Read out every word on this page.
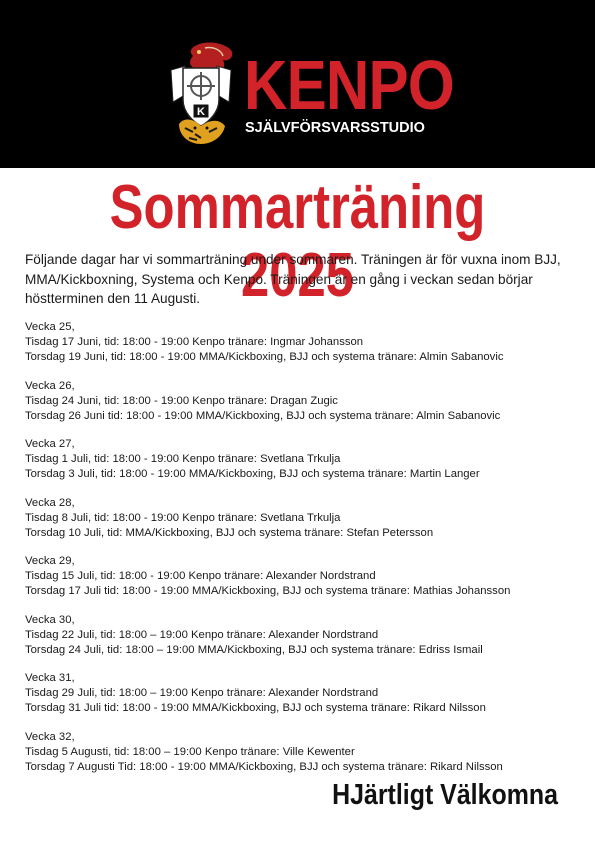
K KENPO
SJÄLVFÖRSVARSSTUDIO
Sommarträning 2025
Följande dagar har vi sommarträning under sommaren. Träningen är för vuxna inom BJJ, MMA/Kickboxning, Systema och Kenpo. Träningen är en gång i veckan sedan börjar höstterminen den 11 Augusti.
Vecka 25,
Tisdag 17 Juni, tid: 18:00 - 19:00 Kenpo tränare: Ingmar Johansson
Torsdag 19 Juni, tid: 18:00 - 19:00 MMA/Kickboxing, BJJ och systema tränare: Almin Sabanovic
Vecka 26,
Tisdag 24 Juni, tid: 18:00 - 19:00 Kenpo tränare: Dragan Zugic
Torsdag 26 Juni tid: 18:00 - 19:00 MMA/Kickboxing, BJJ och systema tränare: Almin Sabanovic
Vecka 27,
Tisdag 1 Juli, tid: 18:00 - 19:00 Kenpo tränare: Svetlana Trkulja
Torsdag 3 Juli, tid: 18:00 - 19:00 MMA/Kickboxing, BJJ och systema tränare: Martin Langer
Vecka 28,
Tisdag 8 Juli, tid: 18:00 - 19:00 Kenpo tränare: Svetlana Trkulja
Torsdag 10 Juli, tid: MMA/Kickboxing, BJJ och systema tränare: Stefan Petersson
Vecka 29,
Tisdag 15 Juli, tid: 18:00 - 19:00 Kenpo tränare: Alexander Nordstrand
Torsdag 17 Juli tid: 18:00 - 19:00 MMA/Kickboxing, BJJ och systema tränare: Mathias Johansson
Vecka 30,
Tisdag 22 Juli, tid: 18:00 – 19:00 Kenpo tränare: Alexander Nordstrand
Torsdag 24 Juli, tid: 18:00 – 19:00 MMA/Kickboxing, BJJ och systema tränare: Edriss Ismail
Vecka 31,
Tisdag 29 Juli, tid: 18:00 – 19:00 Kenpo tränare: Alexander Nordstrand
Torsdag 31 Juli tid: 18:00 - 19:00 MMA/Kickboxing, BJJ och systema tränare: Rikard Nilsson
Vecka 32,
Tisdag 5 Augusti, tid: 18:00 – 19:00 Kenpo tränare: Ville Kewenter
Torsdag 7 Augusti Tid: 18:00 - 19:00 MMA/Kickboxing, BJJ och systema tränare: Rikard Nilsson
HJärtligt Välkomna
